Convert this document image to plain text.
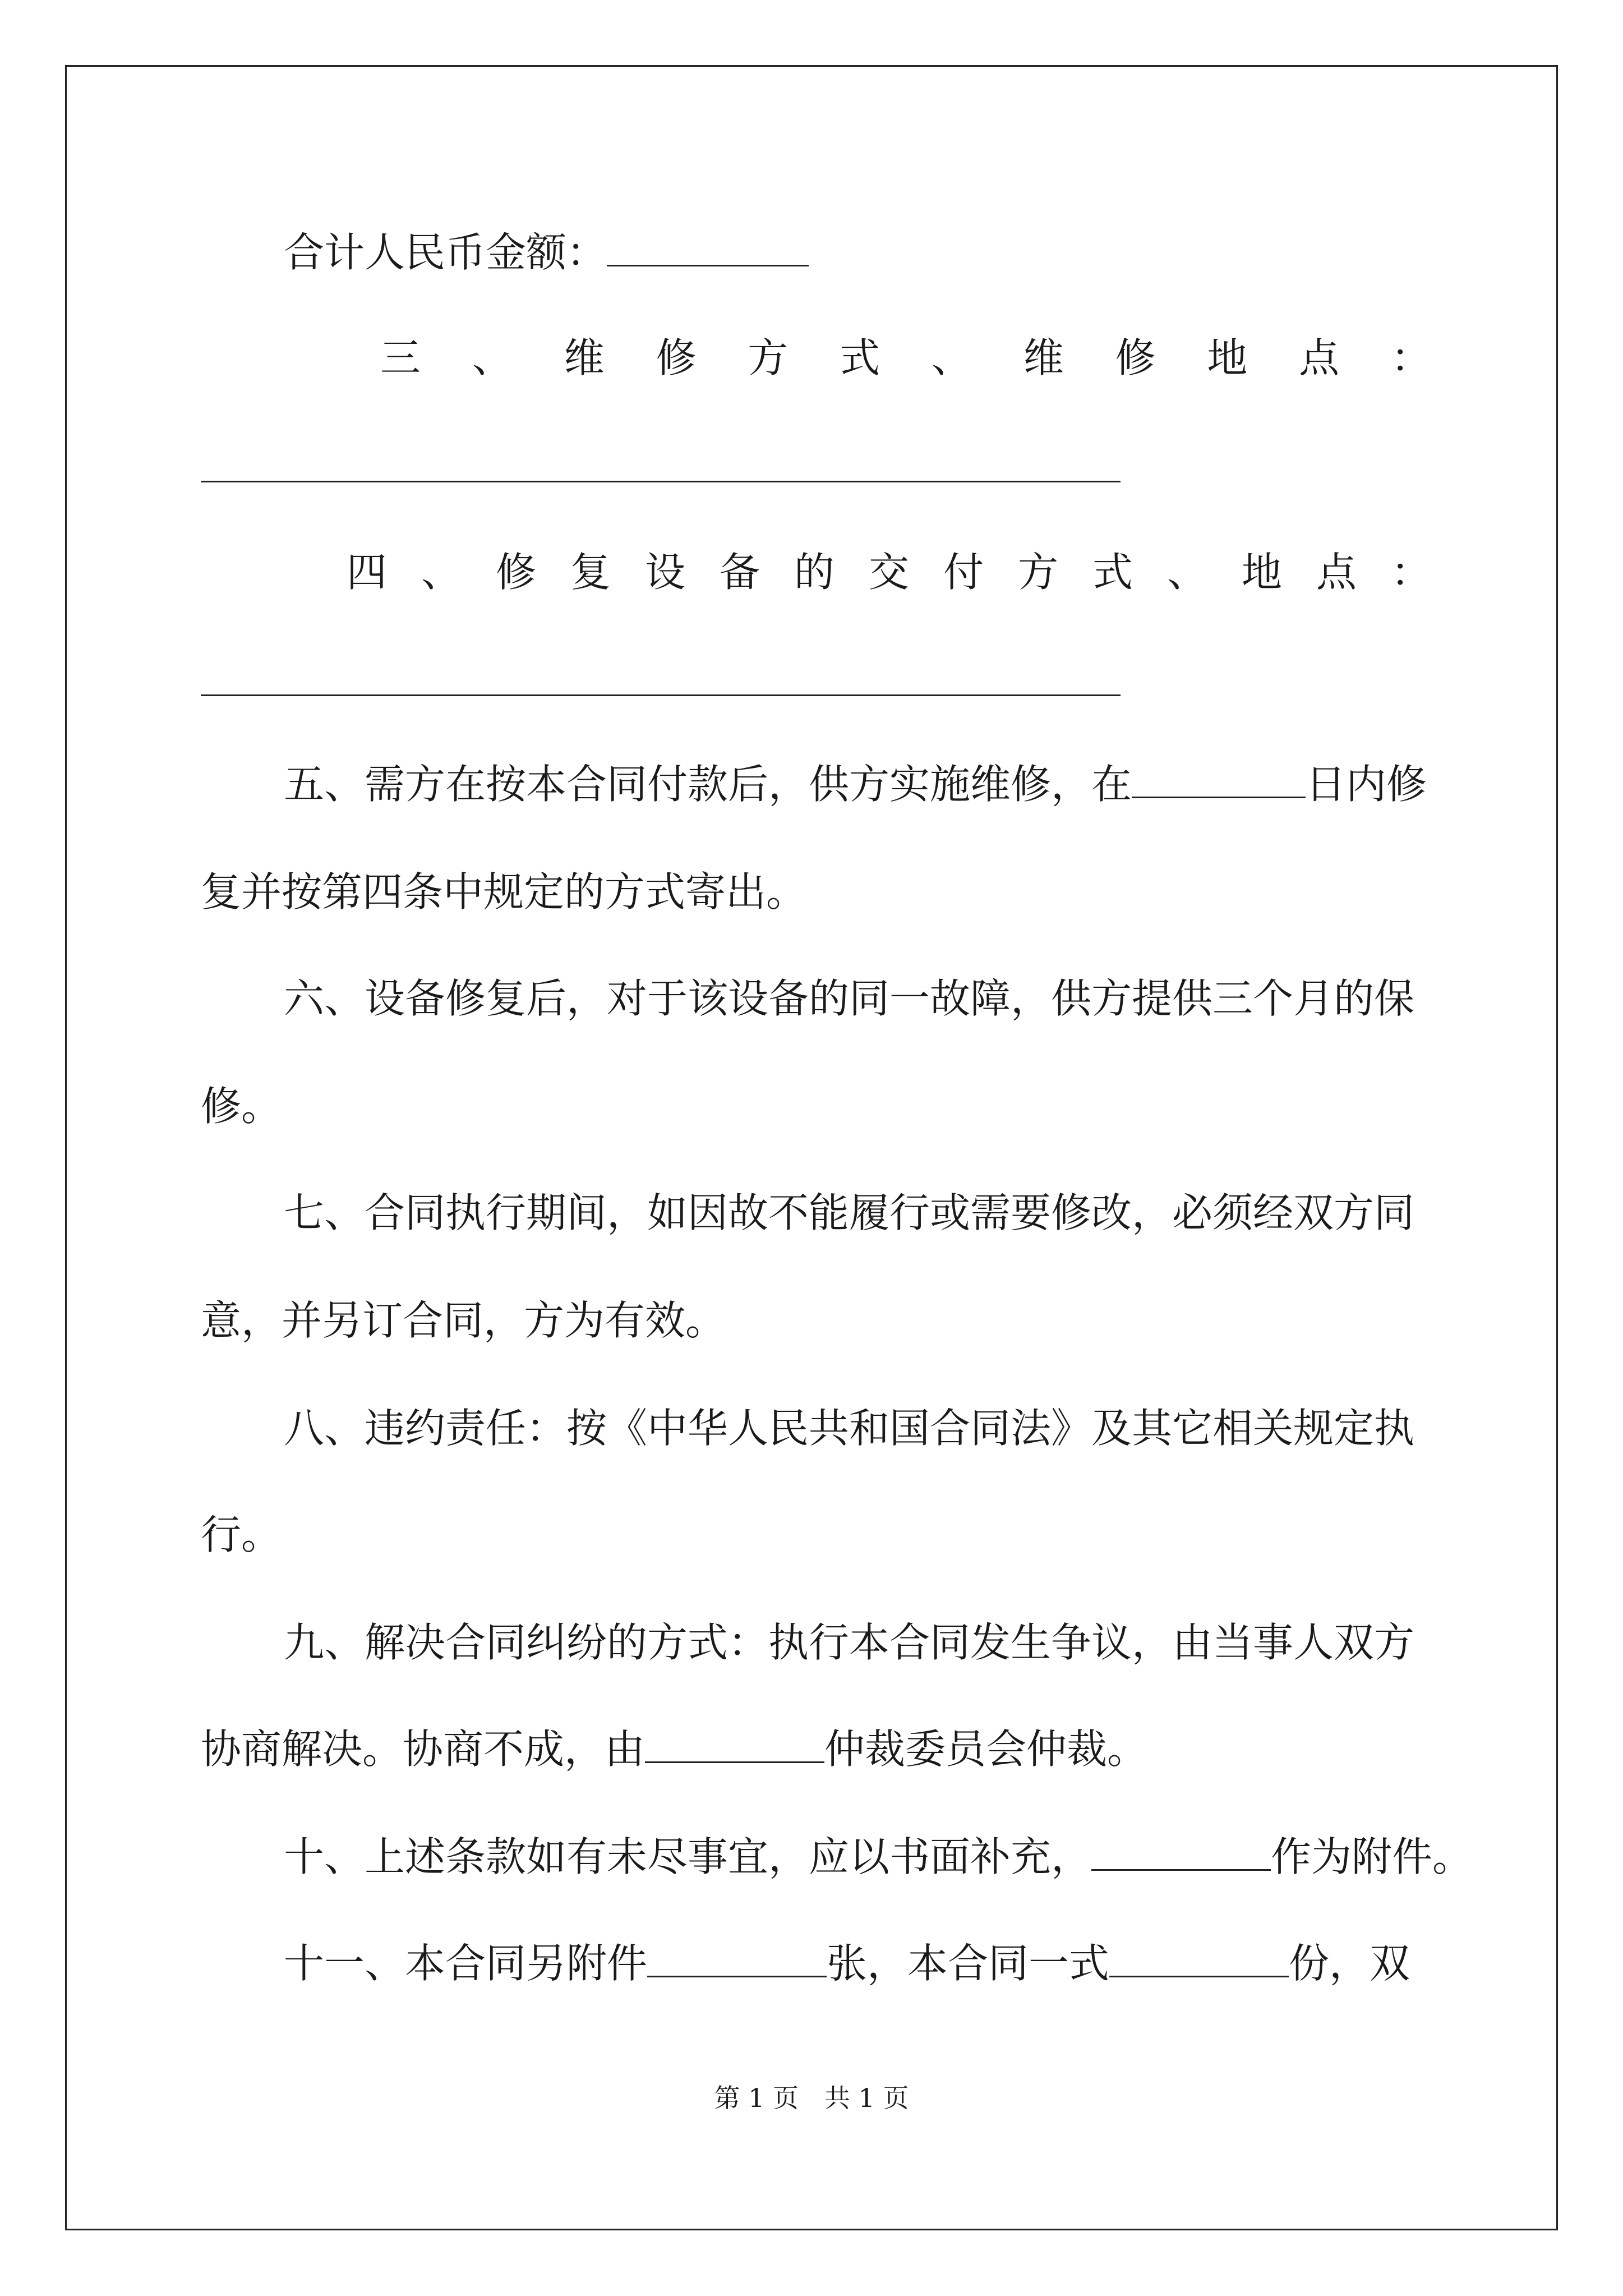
合计人民币金额：
三 、 维 修 方 式 、 维 修 地 点 ：
四 、 修 复 设 备 的 交 付 方 式 、 地 点 ：
五、需方在按本合同付款后，供方实施维修，在	日内修
复并按第四条中规定的方式寄出。
六、设备修复后，对于该设备的同一故障，供方提供三个月的保
修。
七、合同执行期间，如因故不能履行或需要修改，必须经双方同
意，并另订合同，方为有效。
八、违约责任：按《中华人民共和国合同法》及其它相关规定执
行。
九、解决合同纠纷的方式：执行本合同发生争议，由当事人双方
协商解决。协商不成，由	仲裁委员会仲裁。
十、上述条款如有未尽事宜，应以书面补充，	作为附件。
十一、本合同另附件	张，本合同一式	份，双
第 1 页　共 1 页
